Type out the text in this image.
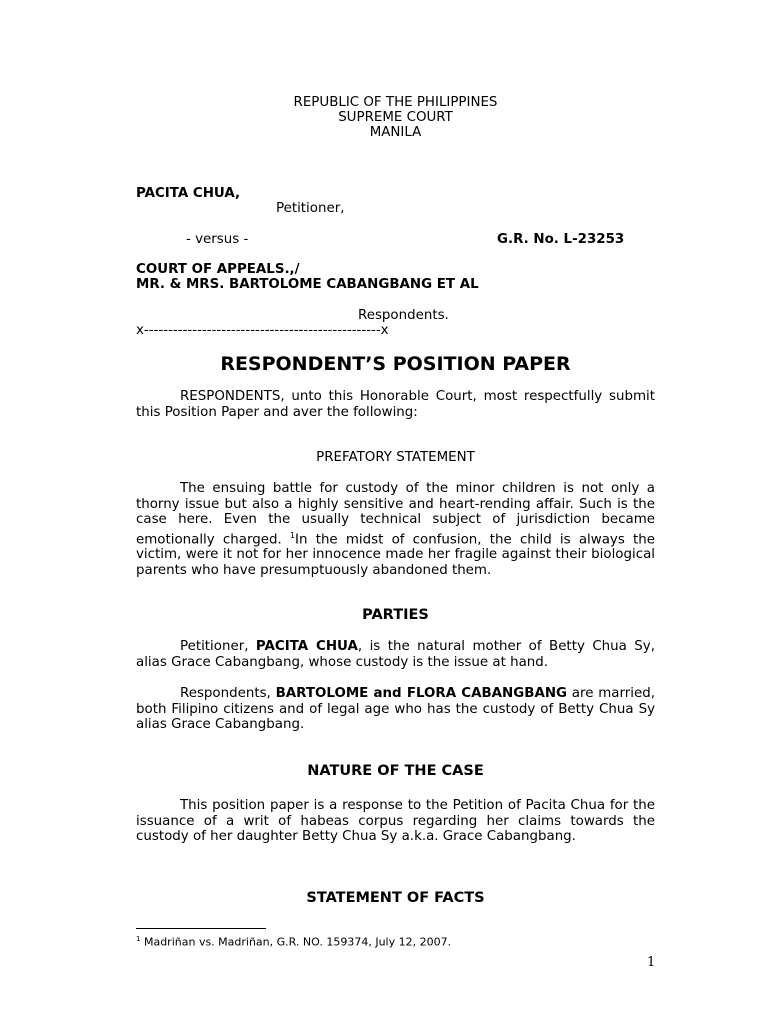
REPUBLIC OF THE PHILIPPINES
SUPREME COURT
MANILA
PACITA CHUA,
Petitioner,
- versus -	G.R. No. L-23253
COURT OF APPEALS.,/
MR. & MRS. BARTOLOME CABANGBANG ET AL
Respondents.
x-------------------------------------------------x
RESPONDENT’S POSITION PAPER
RESPONDENTS, unto this Honorable Court, most respectfully submit this Position Paper and aver the following:
PREFATORY STATEMENT
The ensuing battle for custody of the minor children is not only a thorny issue but also a highly sensitive and heart-rending affair. Such is the case here. Even the usually technical subject of jurisdiction became emotionally charged. $^1$In the midst of confusion, the child is always the victim, were it not for her innocence made her fragile against their biological parents who have presumptuously abandoned them.
PARTIES
Petitioner, PACITA CHUA, is the natural mother of Betty Chua Sy, alias Grace Cabangbang, whose custody is the issue at hand.
Respondents, BARTOLOME and FLORA CABANGBANG are married, both Filipino citizens and of legal age who has the custody of Betty Chua Sy alias Grace Cabangbang.
NATURE OF THE CASE
This position paper is a response to the Petition of Pacita Chua for the issuance of a writ of habeas corpus regarding her claims towards the custody of her daughter Betty Chua Sy a.k.a. Grace Cabangbang.
STATEMENT OF FACTS
$^1$ Madriñan vs. Madriñan, G.R. NO. 159374, July 12, 2007.
1
